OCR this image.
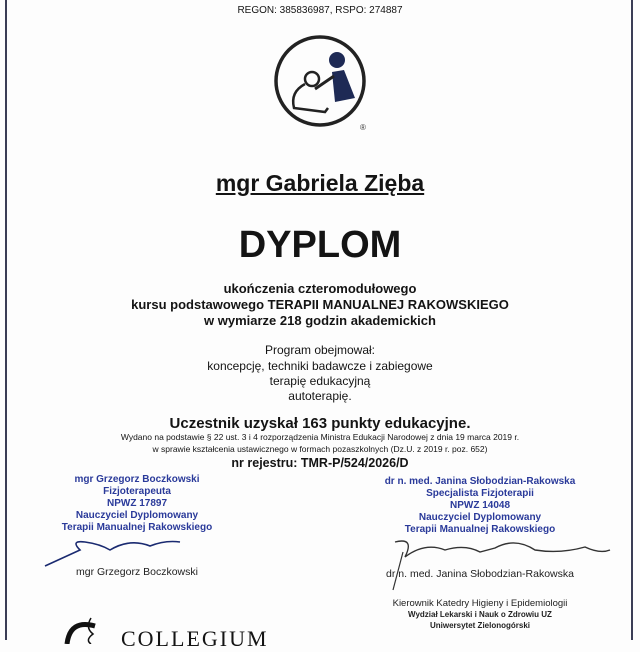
REGON: 385836987, RSPO: 274887
®
mgr Gabriela Zięba
DYPLOM
ukończenia czteromodułowego
kursu podstawowego TERAPII MANUALNEJ RAKOWSKIEGO
w wymiarze 218 godzin akademickich
Program obejmował:
koncepcję, techniki badawcze i zabiegowe
terapię edukacyjną
autoterapię.
Uczestnik uzyskał 163 punkty edukacyjne.
Wydano na podstawie § 22 ust. 3 i 4 rozporządzenia Ministra Edukacji Narodowej z dnia 19 marca 2019 r.
w sprawie kształcenia ustawicznego w formach pozaszkolnych (Dz.U. z 2019 r. poz. 652)
nr rejestru: TMR-P/524/2026/D
mgr Grzegorz Boczkowski
Fizjoterapeuta
NPWZ 17897
Nauczyciel Dyplomowany
Terapii Manualnej Rakowskiego
mgr Grzegorz Boczkowski
dr n. med. Janina Słobodzian-Rakowska
Specjalista Fizjoterapii
NPWZ 14048
Nauczyciel Dyplomowany
Terapii Manualnej Rakowskiego
dr n. med. Janina Słobodzian-Rakowska
Kierownik Katedry Higieny i Epidemiologii
Wydział Lekarski i Nauk o Zdrowiu UZ
Uniwersytet Zielonogórski
COLLEGIUM
